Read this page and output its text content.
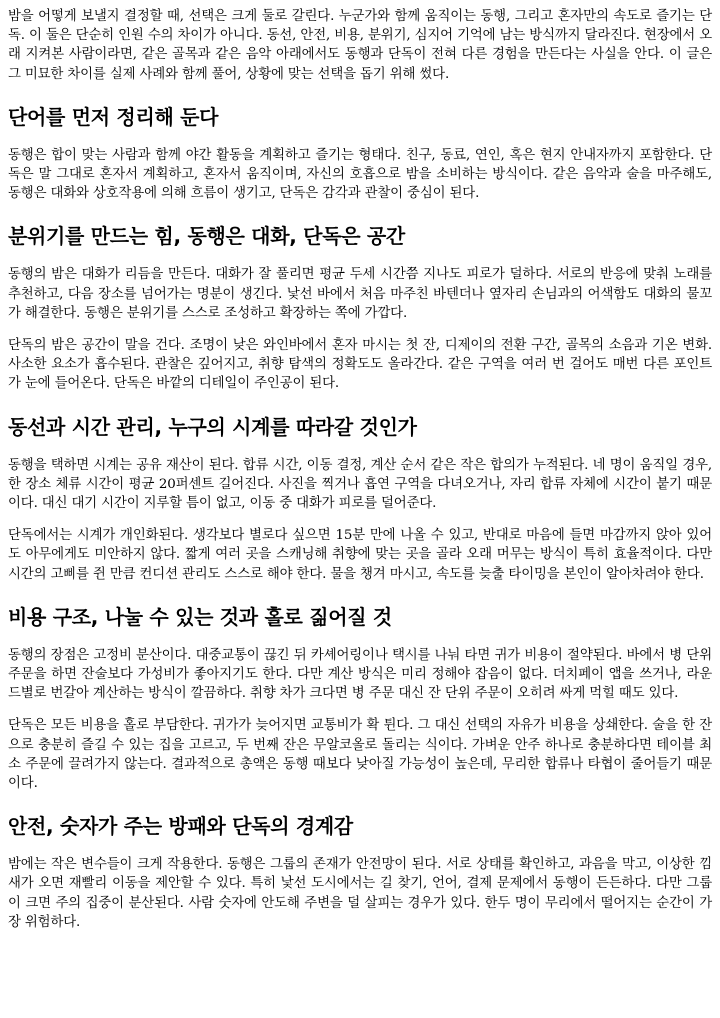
밤을 어떻게 보낼지 결정할 때, 선택은 크게 둘로 갈린다. 누군가와 함께 움직이는 동행, 그리고 혼자만의 속도로 즐기는 단독. 이 둘은 단순히 인원 수의 차이가 아니다. 동선, 안전, 비용, 분위기, 심지어 기억에 남는 방식까지 달라진다. 현장에서 오래 지켜본 사람이라면, 같은 골목과 같은 음악 아래에서도 동행과 단독이 전혀 다른 경험을 만든다는 사실을 안다. 이 글은 그 미묘한 차이를 실제 사례와 함께 풀어, 상황에 맞는 선택을 돕기 위해 썼다.

단어를 먼저 정리해 둔다

동행은 합이 맞는 사람과 함께 야간 활동을 계획하고 즐기는 형태다. 친구, 동료, 연인, 혹은 현지 안내자까지 포함한다. 단독은 말 그대로 혼자서 계획하고, 혼자서 움직이며, 자신의 호흡으로 밤을 소비하는 방식이다. 같은 음악과 술을 마주해도, 동행은 대화와 상호작용에 의해 흐름이 생기고, 단독은 감각과 관찰이 중심이 된다.

분위기를 만드는 힘, 동행은 대화, 단독은 공간

동행의 밤은 대화가 리듬을 만든다. 대화가 잘 풀리면 평균 두세 시간쯤 지나도 피로가 덜하다. 서로의 반응에 맞춰 노래를 추천하고, 다음 장소를 넘어가는 명분이 생긴다. 낯선 바에서 처음 마주친 바텐더나 옆자리 손님과의 어색함도 대화의 물꼬가 해결한다. 동행은 분위기를 스스로 조성하고 확장하는 쪽에 가깝다.

단독의 밤은 공간이 말을 건다. 조명이 낮은 와인바에서 혼자 마시는 첫 잔, 디제이의 전환 구간, 골목의 소음과 기온 변화. 사소한 요소가 흡수된다. 관찰은 깊어지고, 취향 탐색의 정확도도 올라간다. 같은 구역을 여러 번 걸어도 매번 다른 포인트가 눈에 들어온다. 단독은 바깥의 디테일이 주인공이 된다.

동선과 시간 관리, 누구의 시계를 따라갈 것인가

동행을 택하면 시계는 공유 재산이 된다. 합류 시간, 이동 결정, 계산 순서 같은 작은 합의가 누적된다. 네 명이 움직일 경우, 한 장소 체류 시간이 평균 20퍼센트 길어진다. 사진을 찍거나 흡연 구역을 다녀오거나, 자리 합류 자체에 시간이 붙기 때문이다. 대신 대기 시간이 지루할 틈이 없고, 이동 중 대화가 피로를 덜어준다.

단독에서는 시계가 개인화된다. 생각보다 별로다 싶으면 15분 만에 나올 수 있고, 반대로 마음에 들면 마감까지 앉아 있어도 아무에게도 미안하지 않다. 짧게 여러 곳을 스캐닝해 취향에 맞는 곳을 골라 오래 머무는 방식이 특히 효율적이다. 다만 시간의 고삐를 쥔 만큼 컨디션 관리도 스스로 해야 한다. 물을 챙겨 마시고, 속도를 늦출 타이밍을 본인이 알아차려야 한다.

비용 구조, 나눌 수 있는 것과 홀로 짊어질 것

동행의 장점은 고정비 분산이다. 대중교통이 끊긴 뒤 카셰어링이나 택시를 나눠 타면 귀가 비용이 절약된다. 바에서 병 단위 주문을 하면 잔술보다 가성비가 좋아지기도 한다. 다만 계산 방식은 미리 정해야 잡음이 없다. 더치페이 앱을 쓰거나, 라운드별로 번갈아 계산하는 방식이 깔끔하다. 취향 차가 크다면 병 주문 대신 잔 단위 주문이 오히려 싸게 먹힐 때도 있다.

단독은 모든 비용을 홀로 부담한다. 귀가가 늦어지면 교통비가 확 튄다. 그 대신 선택의 자유가 비용을 상쇄한다. 술을 한 잔으로 충분히 즐길 수 있는 집을 고르고, 두 번째 잔은 무알코올로 돌리는 식이다. 가벼운 안주 하나로 충분하다면 테이블 최소 주문에 끌려가지 않는다. 결과적으로 총액은 동행 때보다 낮아질 가능성이 높은데, 무리한 합류나 타협이 줄어들기 때문이다.

안전, 숫자가 주는 방패와 단독의 경계감

밤에는 작은 변수들이 크게 작용한다. 동행은 그룹의 존재가 안전망이 된다. 서로 상태를 확인하고, 과음을 막고, 이상한 낌새가 오면 재빨리 이동을 제안할 수 있다. 특히 낯선 도시에서는 길 찾기, 언어, 결제 문제에서 동행이 든든하다. 다만 그룹이 크면 주의 집중이 분산된다. 사람 숫자에 안도해 주변을 덜 살피는 경우가 있다. 한두 명이 무리에서 떨어지는 순간이 가장 위험하다.
